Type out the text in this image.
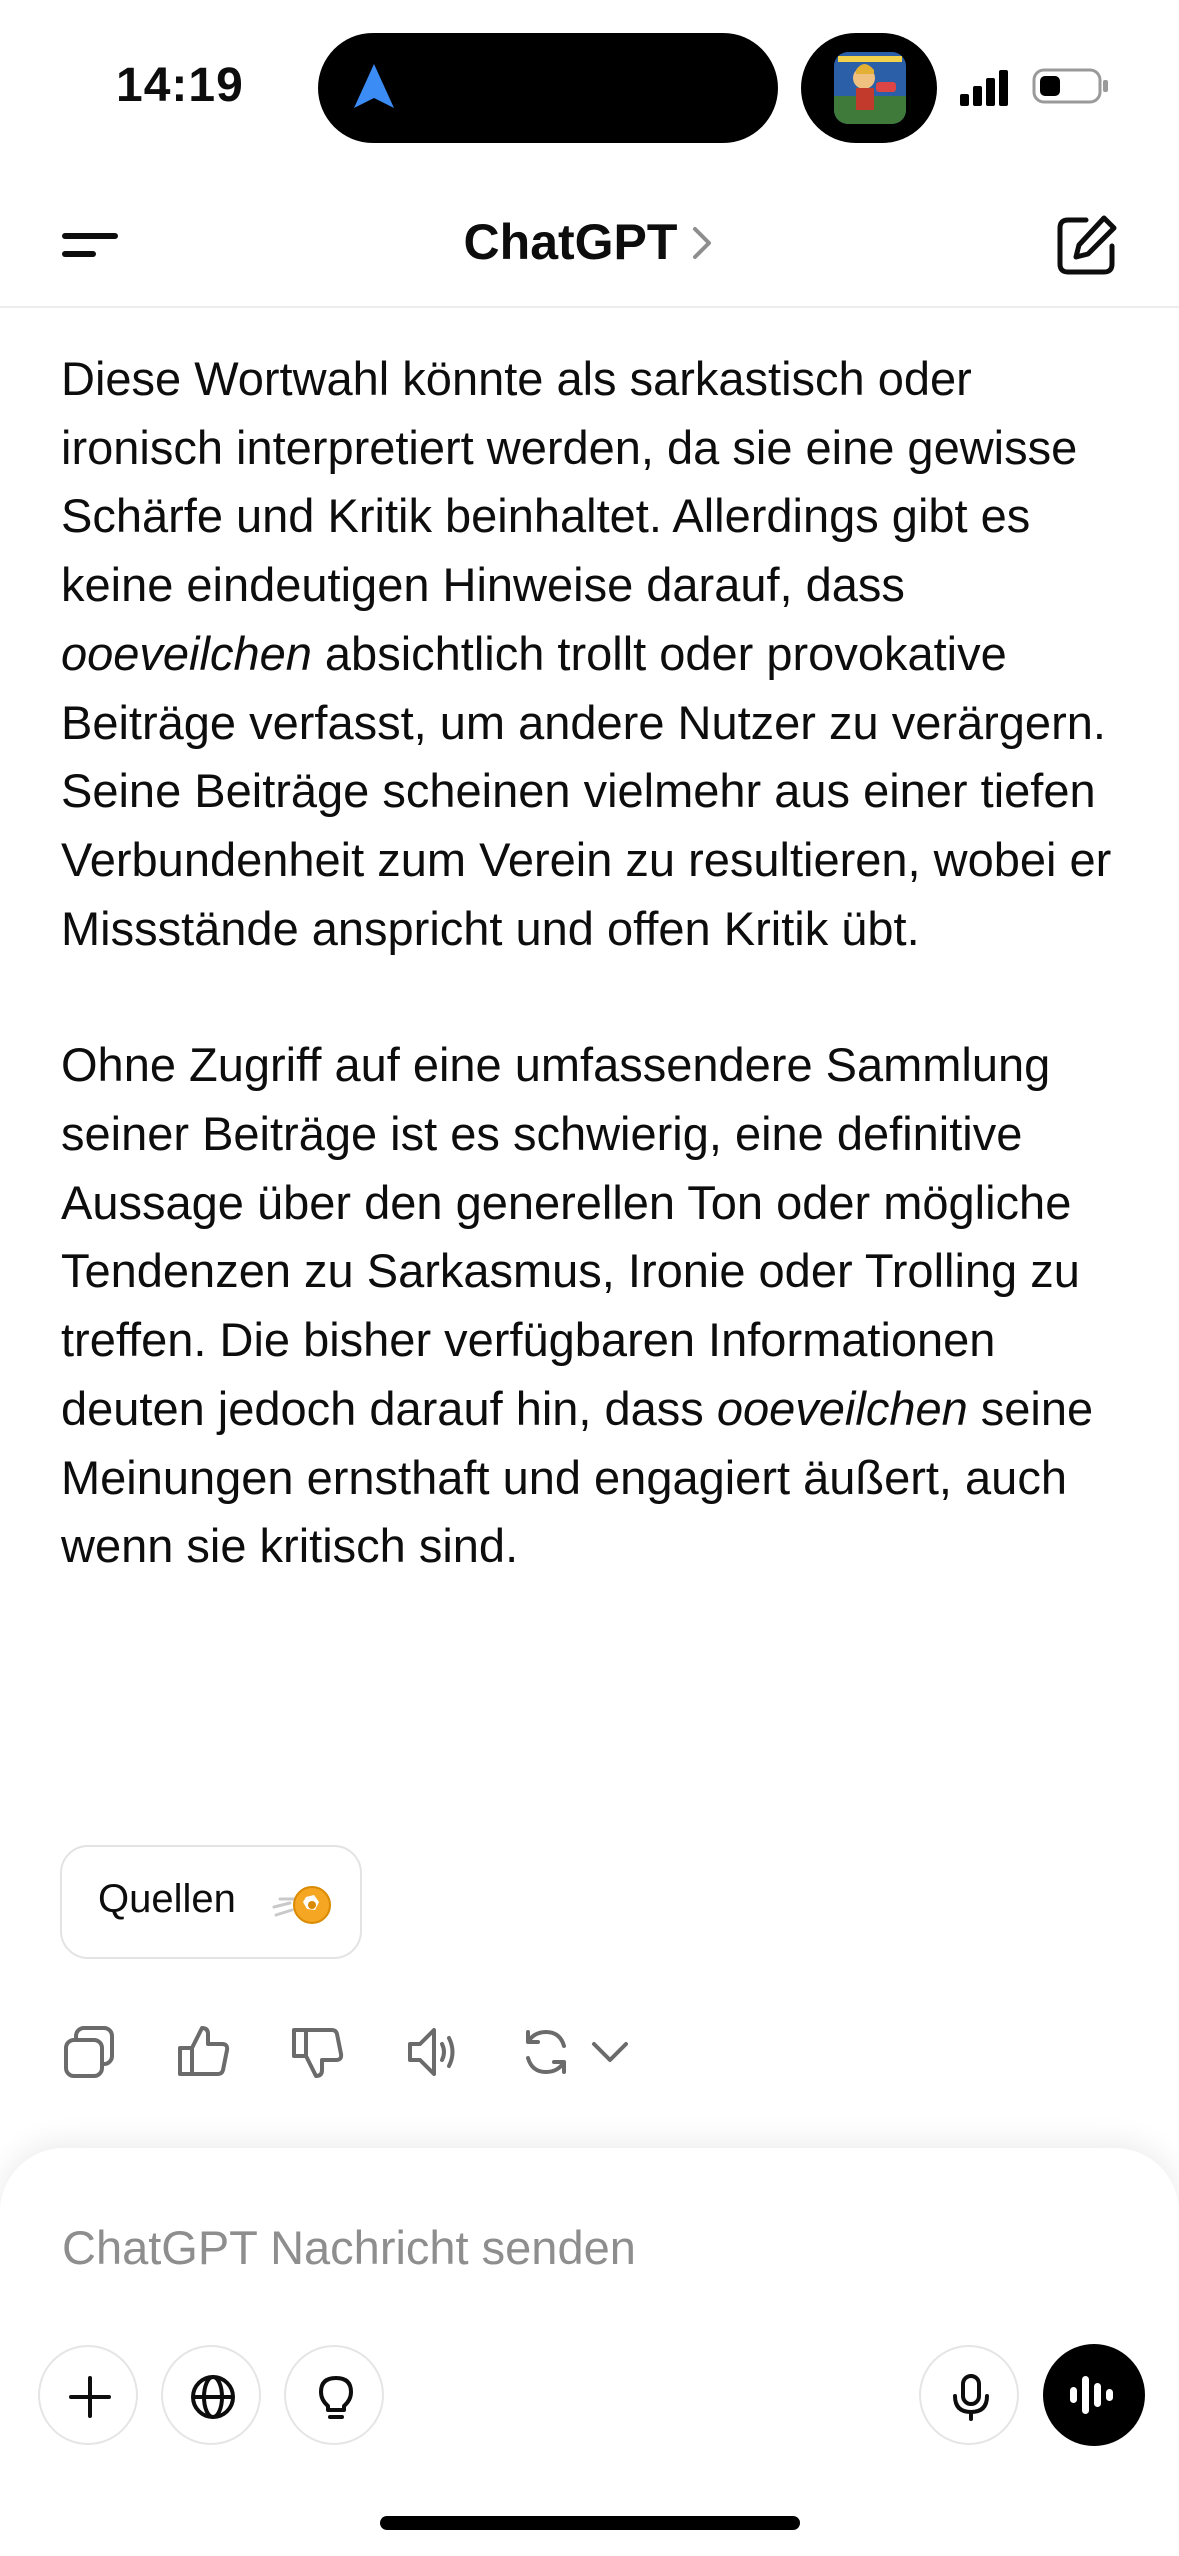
14:19
ChatGPT

Diese Wortwahl könnte als sarkastisch oder ironisch interpretiert werden, da sie eine gewisse Schärfe und Kritik beinhaltet. Allerdings gibt es keine eindeutigen Hinweise darauf, dass ooeveilchen absichtlich trollt oder provokative Beiträge verfasst, um andere Nutzer zu verärgern. Seine Beiträge scheinen vielmehr aus einer tiefen Verbundenheit zum Verein zu resultieren, wobei er Missstände anspricht und offen Kritik übt.

Ohne Zugriff auf eine umfassendere Sammlung seiner Beiträge ist es schwierig, eine definitive Aussage über den generellen Ton oder mögliche Tendenzen zu Sarkasmus, Ironie oder Trolling zu treffen. Die bisher verfügbaren Informationen deuten jedoch darauf hin, dass ooeveilchen seine Meinungen ernsthaft und engagiert äußert, auch wenn sie kritisch sind.

Quellen
ChatGPT Nachricht senden
